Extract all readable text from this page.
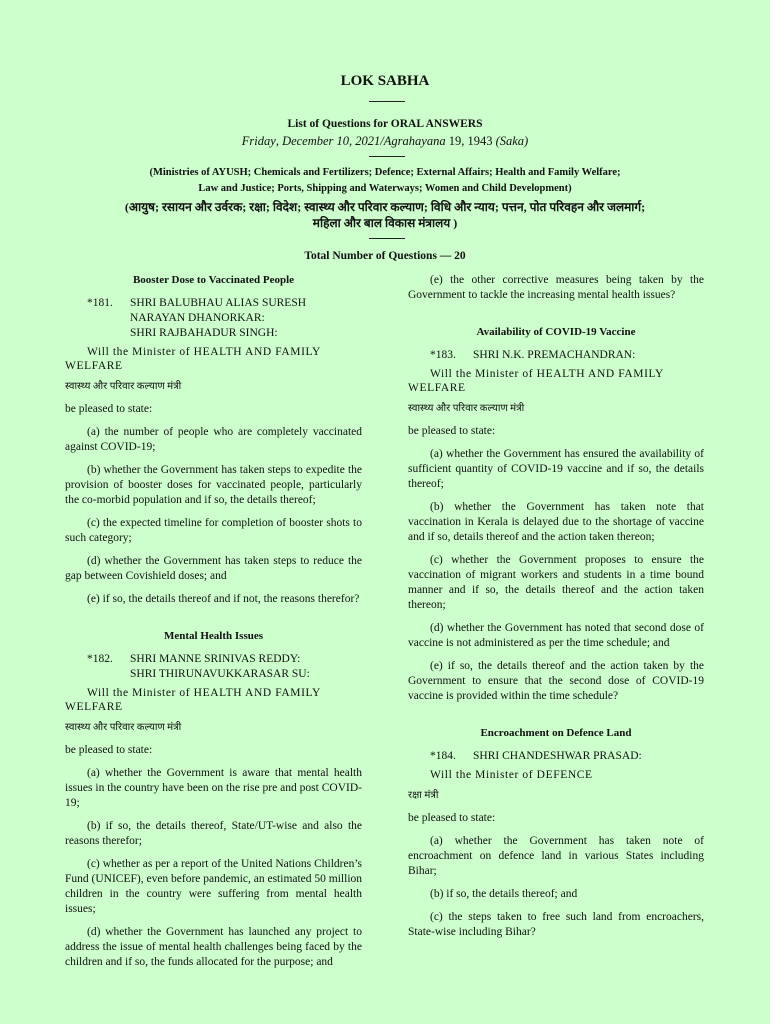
LOK SABHA
List of Questions for ORAL ANSWERS
Friday, December 10, 2021/Agrahayana 19, 1943 (Saka)
(Ministries of AYUSH; Chemicals and Fertilizers; Defence; External Affairs; Health and Family Welfare;
Law and Justice; Ports, Shipping and Waterways; Women and Child Development)
(आयुष; रसायन और उर्वरक; रक्षा; विदेश; स्वास्थ्य और परिवार कल्याण; विधि और न्याय; पत्तन, पोत परिवहन और जलमार्ग;
महिला और बाल विकास मंत्रालय )
Total Number of Questions — 20
Booster Dose to Vaccinated People
*181.	SHRI BALUBHAU ALIAS SURESH
NARAYAN DHANORKAR:
SHRI RAJBAHADUR SINGH:

Will the Minister of HEALTH AND FAMILY WELFARE

स्वास्थ्य और परिवार कल्याण मंत्री

be pleased to state:

(a) the number of people who are completely vaccinated against COVID-19;

(b) whether the Government has taken steps to expedite the provision of booster doses for vaccinated people, particularly the co-morbid population and if so, the details thereof;

(c) the expected timeline for completion of booster shots to such category;

(d) whether the Government has taken steps to reduce the gap between Covishield doses; and

(e) if so, the details thereof and if not, the reasons therefor?

Mental Health Issues
*182.	SHRI MANNE SRINIVAS REDDY:
SHRI THIRUNAVUKKARASAR SU:

Will the Minister of HEALTH AND FAMILY WELFARE

स्वास्थ्य और परिवार कल्याण मंत्री

be pleased to state:

(a) whether the Government is aware that mental health issues in the country have been on the rise pre and post COVID-19;

(b) if so, the details thereof, State/UT-wise and also the reasons therefor;

(c) whether as per a report of the United Nations Children’s Fund (UNICEF), even before pandemic, an estimated 50 million children in the country were suffering from mental health issues;

(d) whether the Government has launched any project to address the issue of mental health challenges being faced by the children and if so, the funds allocated for the purpose; and

(e) the other corrective measures being taken by the Government to tackle the increasing mental health issues?

Availability of COVID-19 Vaccine
*183.	SHRI N.K. PREMACHANDRAN:

Will the Minister of HEALTH AND FAMILY WELFARE

स्वास्थ्य और परिवार कल्याण मंत्री

be pleased to state:

(a) whether the Government has ensured the availability of sufficient quantity of COVID-19 vaccine and if so, the details thereof;

(b) whether the Government has taken note that vaccination in Kerala is delayed due to the shortage of vaccine and if so, details thereof and the action taken thereon;

(c) whether the Government proposes to ensure the vaccination of migrant workers and students in a time bound manner and if so, the details thereof and the action taken thereon;

(d) whether the Government has noted that second dose of vaccine is not administered as per the time schedule; and

(e) if so, the details thereof and the action taken by the Government to ensure that the second dose of COVID-19 vaccine is provided within the time schedule?

Encroachment on Defence Land
*184.	SHRI CHANDESHWAR PRASAD:

Will the Minister of DEFENCE

रक्षा मंत्री

be pleased to state:

(a) whether the Government has taken note of encroachment on defence land in various States including Bihar;

(b) if so, the details thereof; and

(c) the steps taken to free such land from encroachers, State-wise including Bihar?
